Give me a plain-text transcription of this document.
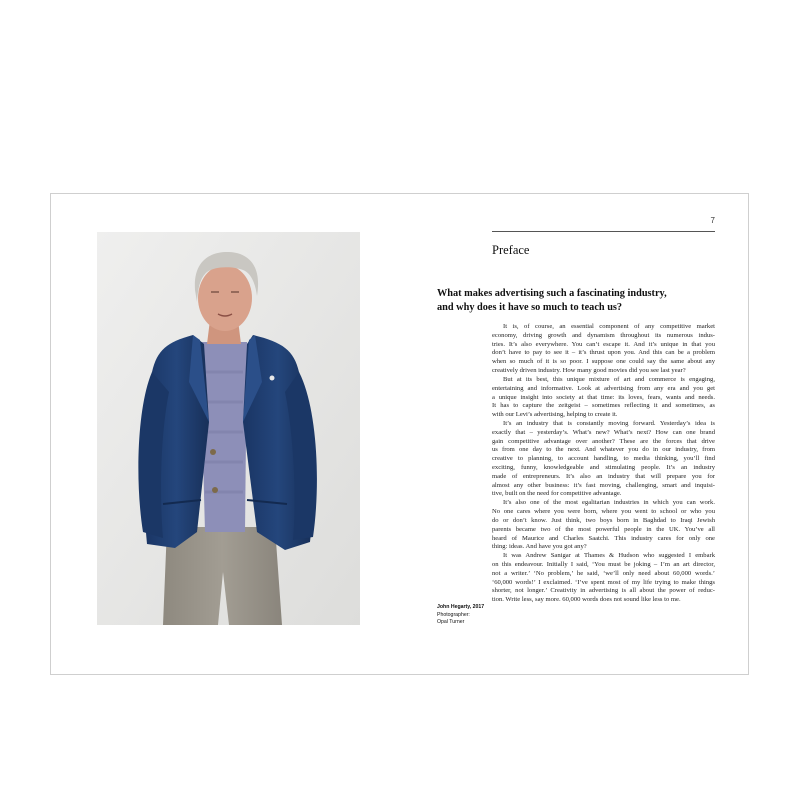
John Hegarty, 2017
Photographer:
Opal Turner
7
Preface
What makes advertising such a fascinating industry,
and why does it have so much to teach us?
It is, of course, an essential component of any competitive market
economy, driving growth and dynamism throughout its numerous indus-
tries. It’s also everywhere. You can’t escape it. And it’s unique in that you
don’t have to pay to see it – it’s thrust upon you. And this can be a problem
when so much of it is so poor. I suppose one could say the same about any
creatively driven industry. How many good movies did you see last year?
But at its best, this unique mixture of art and commerce is engaging,
entertaining and informative. Look at advertising from any era and you get
a unique insight into society at that time: its loves, fears, wants and needs.
It has to capture the zeitgeist – sometimes reflecting it and sometimes, as
with our Levi’s advertising, helping to create it.
It’s an industry that is constantly moving forward. Yesterday’s idea is
exactly that – yesterday’s. What’s new? What’s next? How can one brand
gain competitive advantage over another? These are the forces that drive
us from one day to the next. And whatever you do in our industry, from
creative to planning, to account handling, to media thinking, you’ll find
exciting, funny, knowledgeable and stimulating people. It’s an industry
made of entrepreneurs. It’s also an industry that will prepare you for
almost any other business: it’s fast moving, challenging, smart and inquisi-
tive, built on the need for competitive advantage.
It’s also one of the most egalitarian industries in which you can work.
No one cares where you were born, where you went to school or who you
do or don’t know. Just think, two boys born in Baghdad to Iraqi Jewish
parents became two of the most powerful people in the UK. You’ve all
heard of Maurice and Charles Saatchi. This industry cares for only one
thing: ideas. And have you got any?
It was Andrew Sanigar at Thames & Hudson who suggested I embark
on this endeavour. Initially I said, ‘You must be joking – I’m an art director,
not a writer.’ ‘No problem,’ he said, ‘we’ll only need about 60,000 words.’
‘60,000 words!’ I exclaimed. ‘I’ve spent most of my life trying to make things
shorter, not longer.’ Creativity in advertising is all about the power of reduc-
tion. Write less, say more. 60,000 words does not sound like less to me.
